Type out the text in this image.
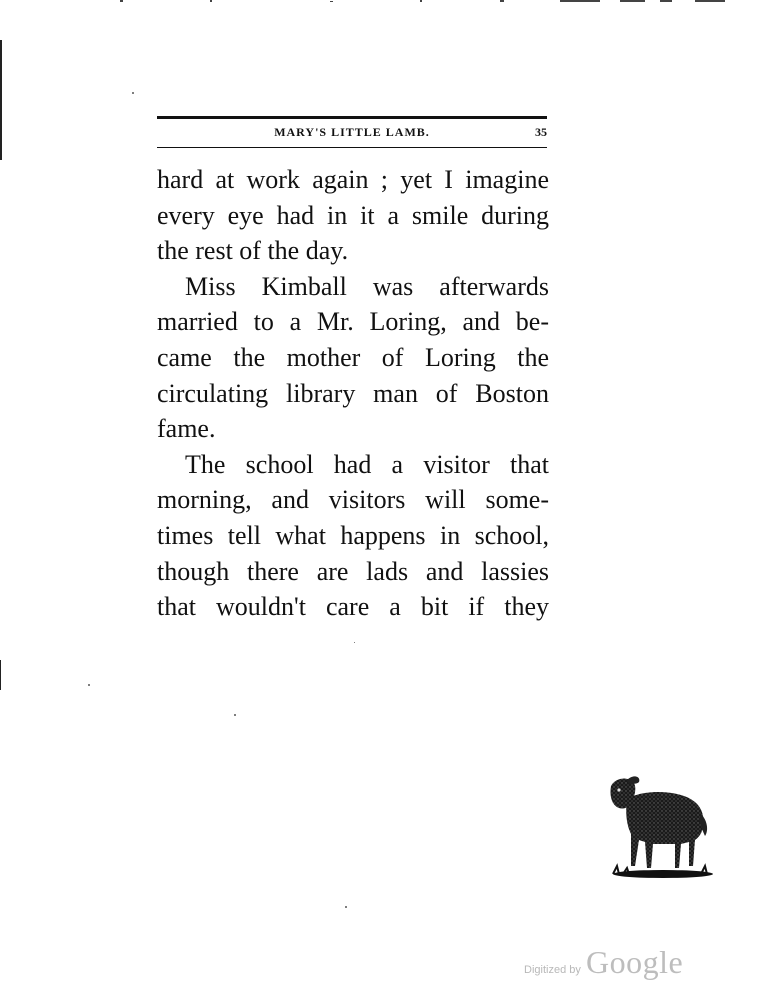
MARY'S LITTLE LAMB.	35

hard at work again ; yet I imagine
every eye had in it a smile during
the rest of the day.

Miss Kimball was afterwards
married to a Mr. Loring, and be-
came the mother of Loring the
circulating library man of Boston
fame.

The school had a visitor that
morning, and visitors will some-
times tell what happens in school,
though there are lads and lassies
that wouldn't care a bit if they

Digitized by Google
